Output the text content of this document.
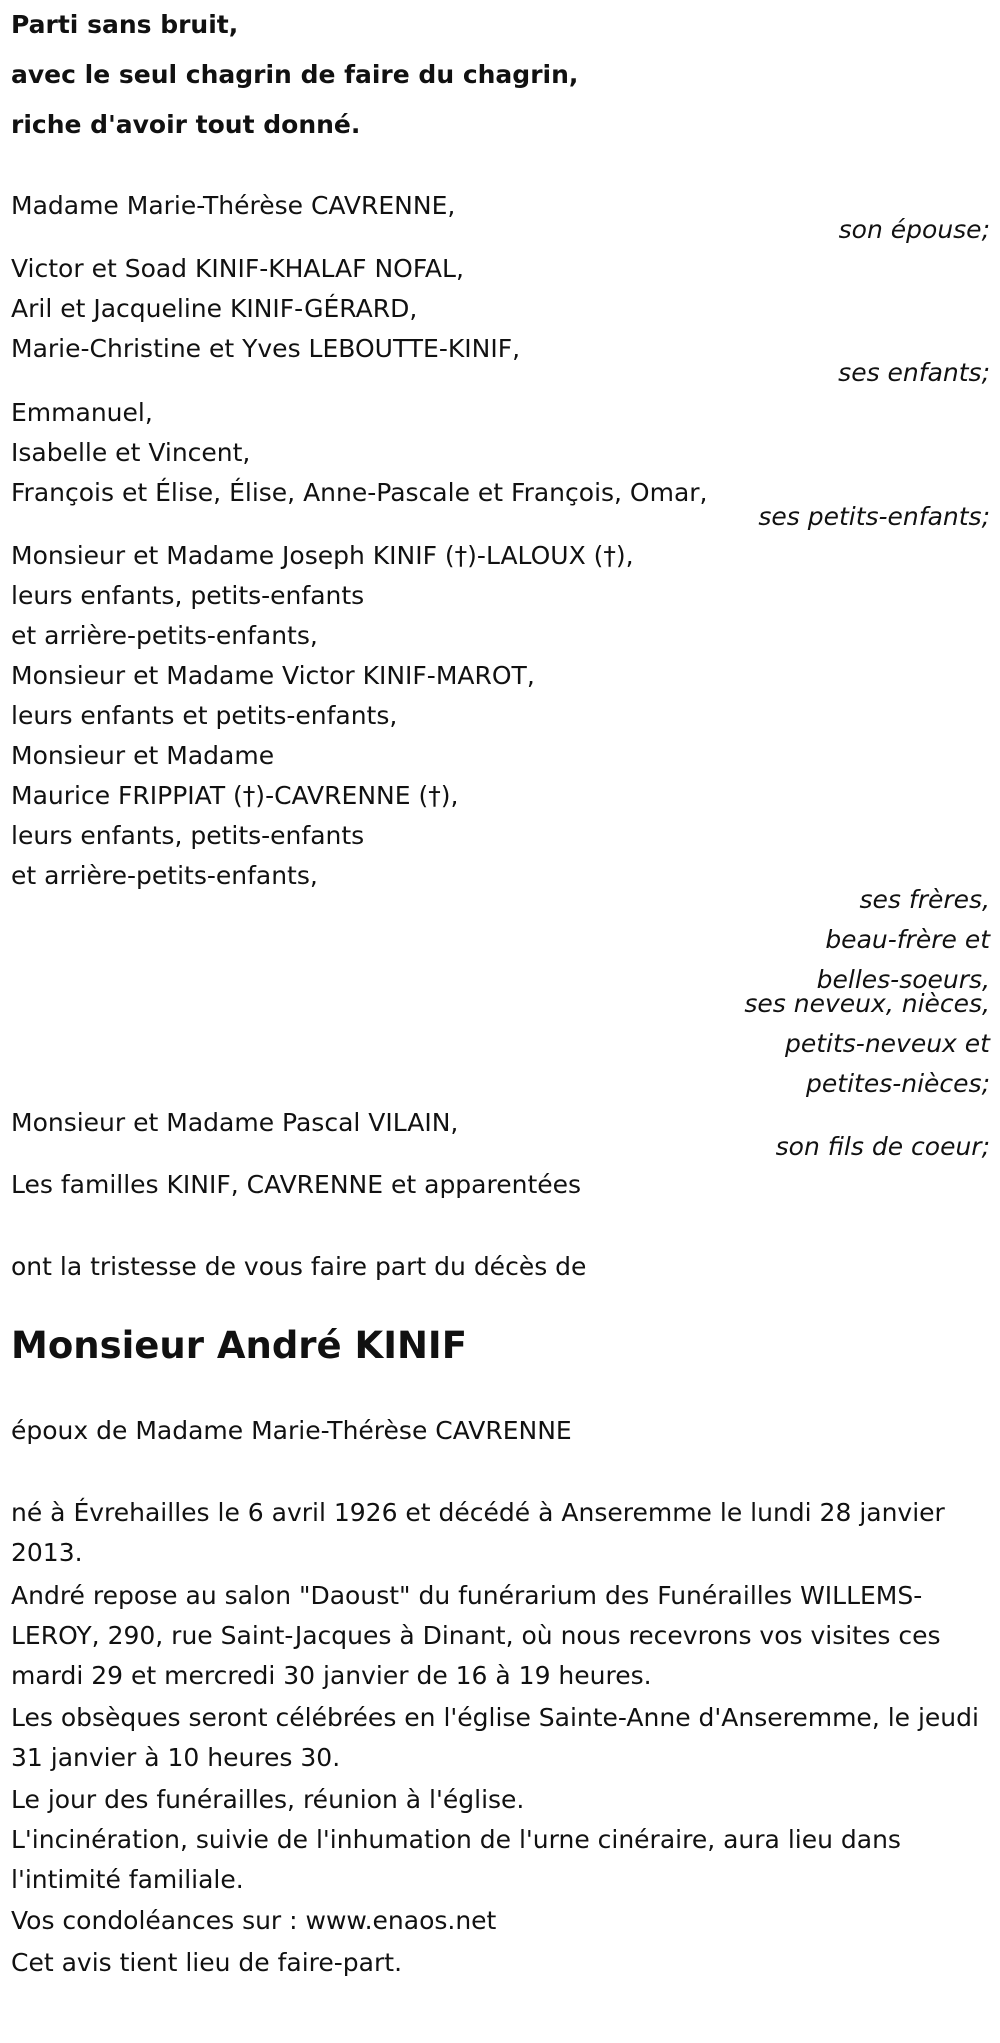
Parti sans bruit,
avec le seul chagrin de faire du chagrin,
riche d'avoir tout donné.
Madame Marie-Thérèse CAVRENNE,
son épouse;
Victor et Soad KINIF-KHALAF NOFAL,
Aril et Jacqueline KINIF-GÉRARD,
Marie-Christine et Yves LEBOUTTE-KINIF,
ses enfants;
Emmanuel,
Isabelle et Vincent,
François et Élise, Élise, Anne-Pascale et François, Omar,
ses petits-enfants;
Monsieur et Madame Joseph KINIF (†)-LALOUX (†),
leurs enfants, petits-enfants
et arrière-petits-enfants,
Monsieur et Madame Victor KINIF-MAROT,
leurs enfants et petits-enfants,
Monsieur et Madame
Maurice FRIPPIAT (†)-CAVRENNE (†),
leurs enfants, petits-enfants
et arrière-petits-enfants,
ses frères,
beau-frère et
belles-soeurs,
ses neveux, nièces,
petits-neveux et
petites-nièces;
Monsieur et Madame Pascal VILAIN,
son fils de coeur;
Les familles KINIF, CAVRENNE et apparentées
ont la tristesse de vous faire part du décès de
Monsieur André KINIF
époux de Madame Marie-Thérèse CAVRENNE
né à Évrehailles le 6 avril 1926 et décédé à Anseremme le lundi 28 janvier 2013.
André repose au salon "Daoust" du funérarium des Funérailles WILLEMS-LEROY, 290, rue Saint-Jacques à Dinant, où nous recevrons vos visites ces mardi 29 et mercredi 30 janvier de 16 à 19 heures.
Les obsèques seront célébrées en l'église Sainte-Anne d'Anseremme, le jeudi 31 janvier à 10 heures 30.
Le jour des funérailles, réunion à l'église.
L'incinération, suivie de l'inhumation de l'urne cinéraire, aura lieu dans l'intimité familiale.
Vos condoléances sur : www.enaos.net
Cet avis tient lieu de faire-part.
